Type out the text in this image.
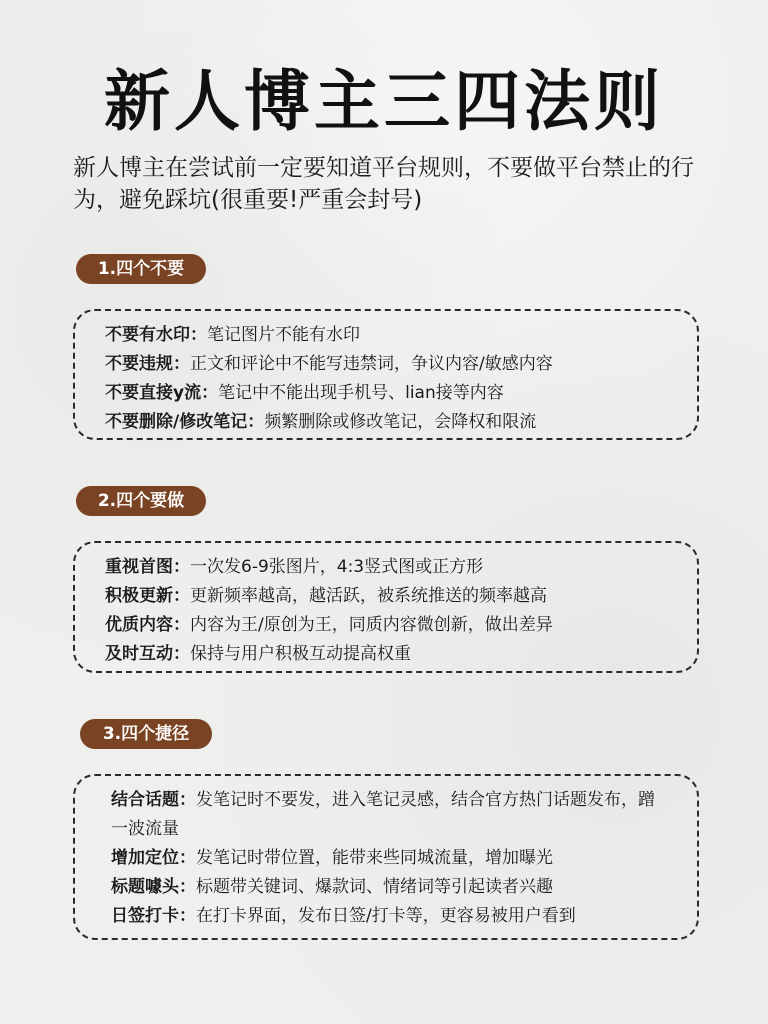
新人博主三四法则
新人博主在尝试前一定要知道平台规则，不要做平台禁止的行为，避免踩坑(很重要!严重会封号)
1.四个不要
不要有水印：笔记图片不能有水印
不要违规：正文和评论中不能写违禁词，争议内容/敏感内容
不要直接y流：笔记中不能出现手机号、lian接等内容
不要删除/修改笔记：频繁删除或修改笔记，会降权和限流
2.四个要做
重视首图：一次发6-9张图片，4:3竖式图或正方形
积极更新：更新频率越高，越活跃，被系统推送的频率越高
优质内容：内容为王/原创为王，同质内容微创新，做出差异
及时互动：保持与用户积极互动提高权重
3.四个捷径
结合话题：发笔记时不要发，进入笔记灵感，结合官方热门话题发布，蹭一波流量
增加定位：发笔记时带位置，能带来些同城流量，增加曝光
标题噱头：标题带关键词、爆款词、情绪词等引起读者兴趣
日签打卡：在打卡界面，发布日签/打卡等，更容易被用户看到
